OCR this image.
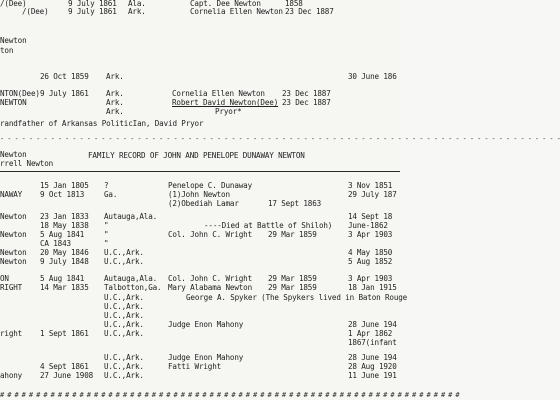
/(Dee)	9 July 1861 Ala.	Capt. Dee Newton	1858
/(Dee)	9 July 1861 Ark.	Cornelia Ellen Newton 23 Dec 1887
Newton
ton
26 Oct 1859 Ark.	30 June 186
NTON(Dee) 9 July 1861 Ark.	Cornelia Ellen Newton 23 Dec 1887
NEWTON	Ark.	Robert David Newton(Dee) 23 Dec 1887
Ark.	Pryor*
randfather of Arkansas PoliticIan, David Pryor
- - - - - - - - - - - - - - - - - - - - - - - - - - - - - - - - - - - - - - - - - - - - - - - - - - - - - - - - - - - - - - - - - - - - - - - - - - - - - -
Newton
rrell Newton
FAMILY RECORD OF JOHN AND PENELOPE DUNAWAY NEWTON
15 Jan 1805 ?	Penelope C. Dunaway	3 Nov 1851
NAWAY 9 Oct 1813	Ga.	(1)John Newton	29 July 187
(2)Obediah Lamar	17 Sept 1863
Newton 23 Jan 1833 Autauga,Ala.	14 Sept 18
18 May 1838 "	----Died at Battle of Shiloh) June-1862
Newton 5 Aug 1841	"	Col. John C. Wright 29 Mar 1859	3 Apr 1903
CA 1843	"
Newton 20 May 1846 U.C.,Ark.	4 May 1850
Newton 9 July 1848 U.C.,Ark.	5 Aug 1852
ON	5 Aug 1841	Autauga,Ala. Col. John C. Wright 29 Mar 1859	3 Apr 1903
RIGHT 14 Mar 1835 Talbotton,Ga. Mary Alabama Newton 29 Mar 1859	18 Jan 1915
U.C.,Ark.	George A. Spyker (The Spykers lived in Baton Rouge
U.C.,Ark.
U.C.,Ark.
U.C.,Ark.	Judge Enon Mahony	28 June 194
right 1 Sept 1861 U.C.,Ark.	1 Apr 1862
1867(infant
U.C.,Ark.	Judge Enon Mahony	28 June 194
4 Sept 1861 U.C.,Ark.	Fatti Wright	28 Aug 1920
ahony 27 June 1908 U.C.,Ark.	11 June 191
# # # # # # # # # # # # # # # # # # # # # # # # # # # # # # # # # # # # # # # # # # # # # # # # # # # # # # # # # # # # # # # #
